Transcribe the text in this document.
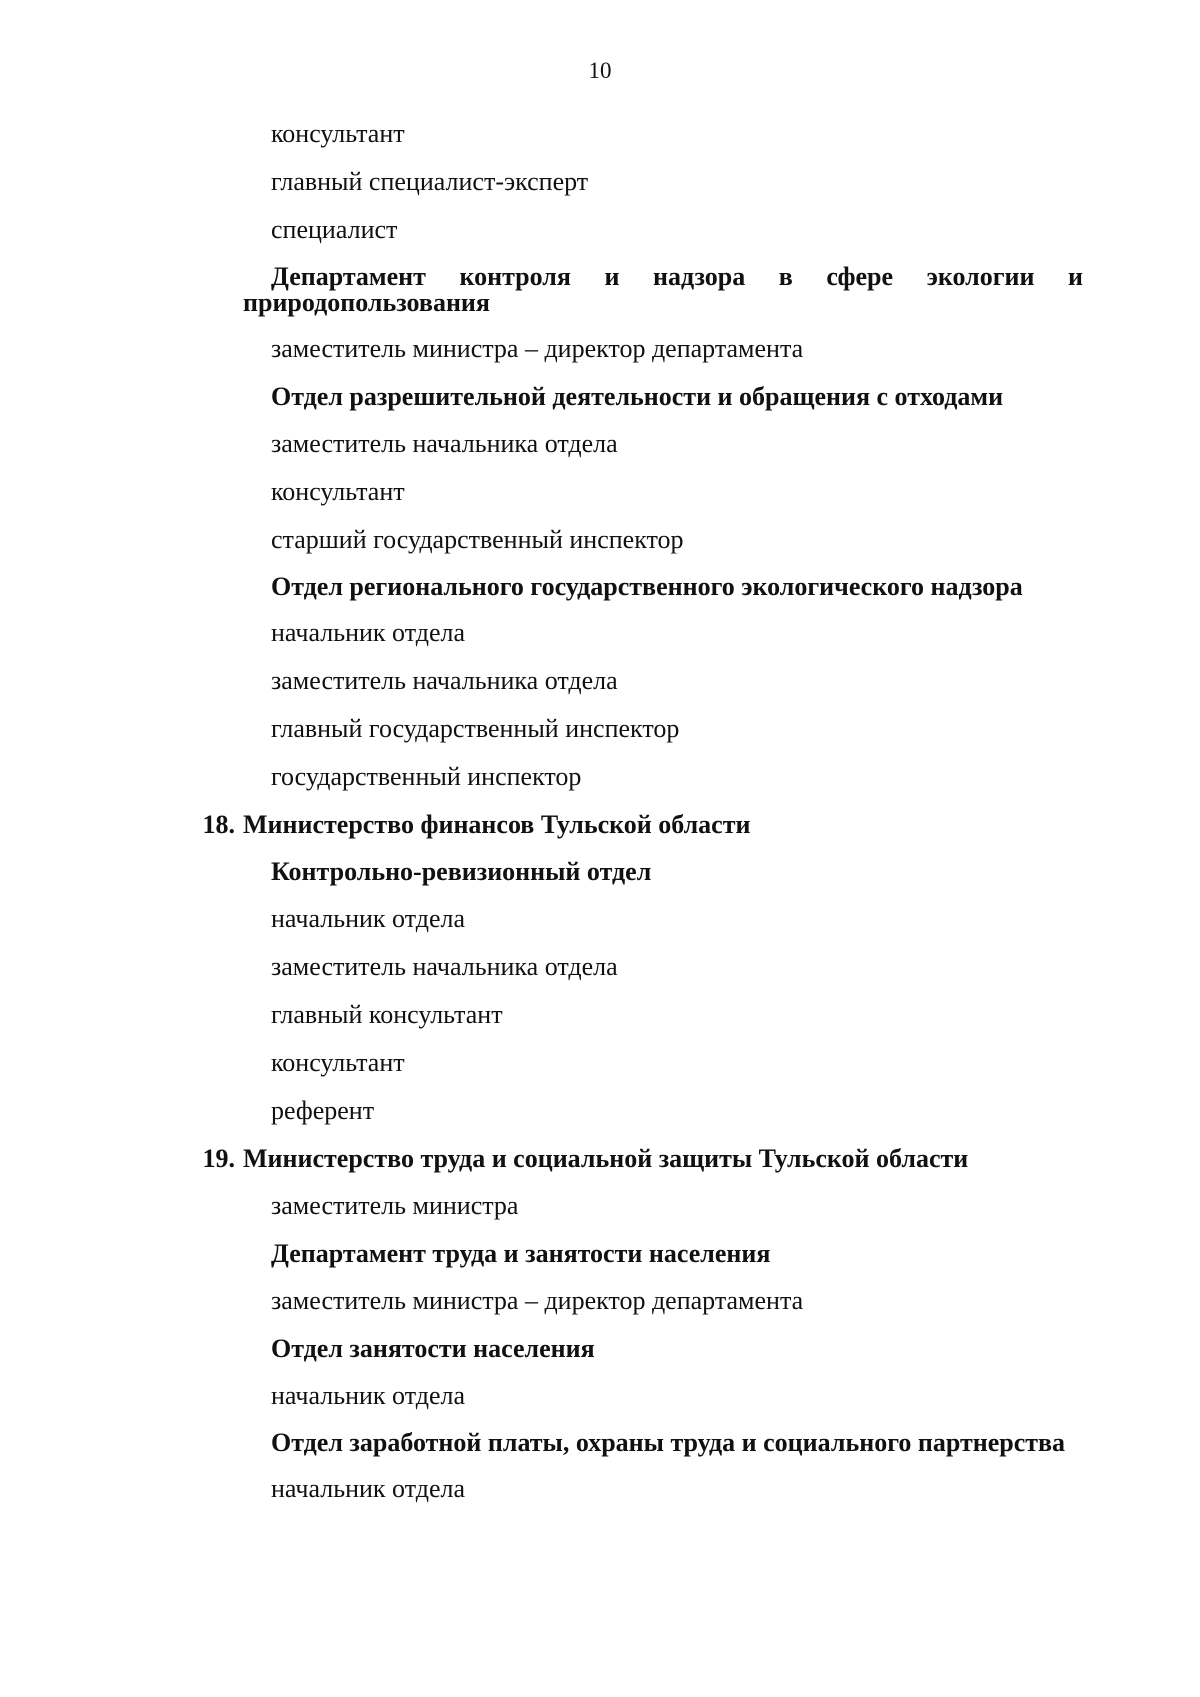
10

консультант

главный специалист-эксперт

специалист

Департамент контроля и надзора в сфере экологии и природопользования

заместитель министра – директор департамента

Отдел разрешительной деятельности и обращения с отходами

заместитель начальника отдела

консультант

старший государственный инспектор

Отдел регионального государственного экологического надзора

начальник отдела

заместитель начальника отдела

главный государственный инспектор

государственный инспектор

18. Министерство финансов Тульской области

Контрольно-ревизионный отдел

начальник отдела

заместитель начальника отдела

главный консультант

консультант

референт

19. Министерство труда и социальной защиты Тульской области

заместитель министра

Департамент труда и занятости населения

заместитель министра – директор департамента

Отдел занятости населения

начальник отдела

Отдел заработной платы, охраны труда и социального партнерства

начальник отдела
